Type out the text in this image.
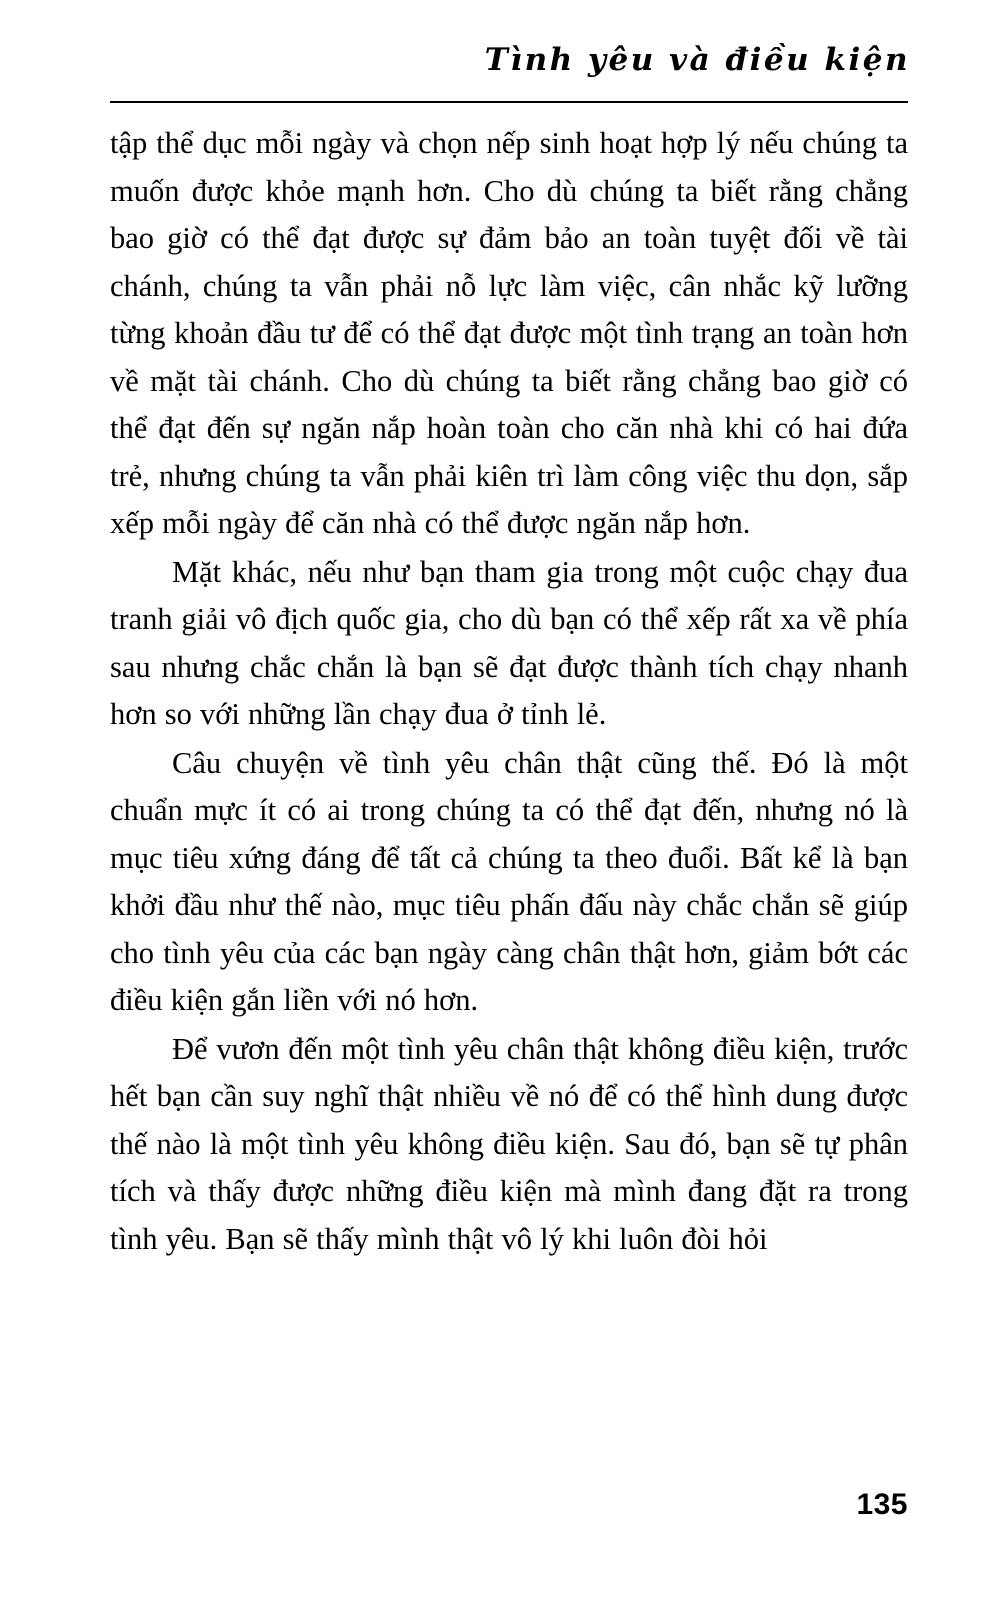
Tình yêu và điều kiện

tập thể dục mỗi ngày và chọn nếp sinh hoạt hợp lý nếu chúng ta muốn được khỏe mạnh hơn. Cho dù chúng ta biết rằng chẳng bao giờ có thể đạt được sự đảm bảo an toàn tuyệt đối về tài chánh, chúng ta vẫn phải nỗ lực làm việc, cân nhắc kỹ lưỡng từng khoản đầu tư để có thể đạt được một tình trạng an toàn hơn về mặt tài chánh. Cho dù chúng ta biết rằng chẳng bao giờ có thể đạt đến sự ngăn nắp hoàn toàn cho căn nhà khi có hai đứa trẻ, nhưng chúng ta vẫn phải kiên trì làm công việc thu dọn, sắp xếp mỗi ngày để căn nhà có thể được ngăn nắp hơn.

Mặt khác, nếu như bạn tham gia trong một cuộc chạy đua tranh giải vô địch quốc gia, cho dù bạn có thể xếp rất xa về phía sau nhưng chắc chắn là bạn sẽ đạt được thành tích chạy nhanh hơn so với những lần chạy đua ở tỉnh lẻ.

Câu chuyện về tình yêu chân thật cũng thế. Đó là một chuẩn mực ít có ai trong chúng ta có thể đạt đến, nhưng nó là mục tiêu xứng đáng để tất cả chúng ta theo đuổi. Bất kể là bạn khởi đầu như thế nào, mục tiêu phấn đấu này chắc chắn sẽ giúp cho tình yêu của các bạn ngày càng chân thật hơn, giảm bớt các điều kiện gắn liền với nó hơn.

Để vươn đến một tình yêu chân thật không điều kiện, trước hết bạn cần suy nghĩ thật nhiều về nó để có thể hình dung được thế nào là một tình yêu không điều kiện. Sau đó, bạn sẽ tự phân tích và thấy được những điều kiện mà mình đang đặt ra trong tình yêu. Bạn sẽ thấy mình thật vô lý khi luôn đòi hỏi

135
